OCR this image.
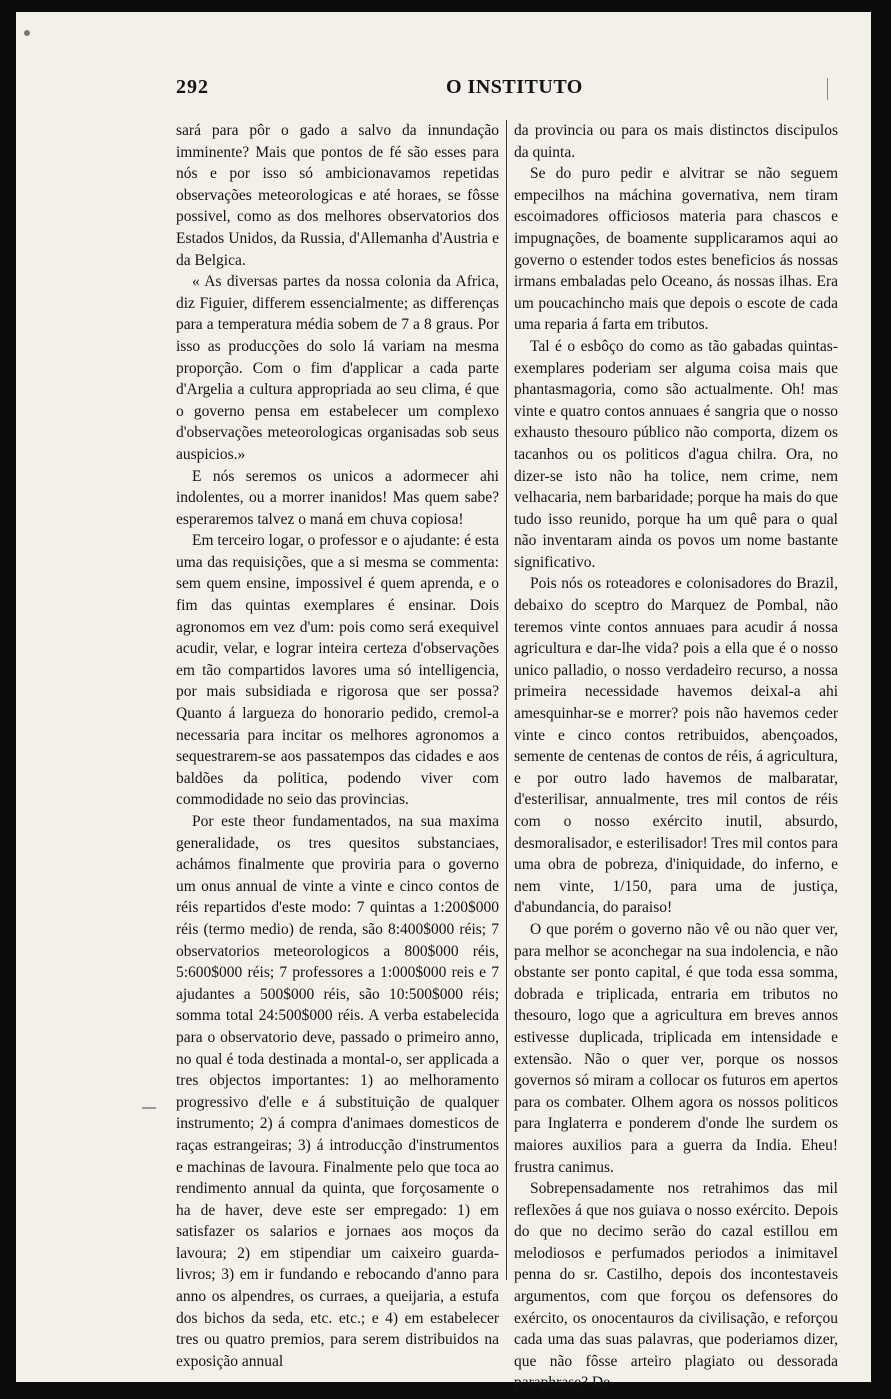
292	O INSTITUTO

sará para pôr o gado a salvo da innundação imminente? Mais que pontos de fé são esses para nós e por isso só ambicionavamos repetidas observações meteorologicas e até horaes, se fôsse possivel, como as dos melhores observatorios dos Estados Unidos, da Russia, d'Allemanha d'Austria e da Belgica.

« As diversas partes da nossa colonia da Africa, diz Figuier, differem essencialmente; as differenças para a temperatura média sobem de 7 a 8 graus. Por isso as producções do solo lá variam na mesma proporção. Com o fim d'applicar a cada parte d'Argelia a cultura appropriada ao seu clima, é que o governo pensa em estabelecer um complexo d'observações meteorologicas organisadas sob seus auspicios.»

E nós seremos os unicos a adormecer ahi indolentes, ou a morrer inanidos! Mas quem sabe? esperaremos talvez o maná em chuva copiosa!

Em terceiro logar, o professor e o ajudante: é esta uma das requisições, que a si mesma se commenta: sem quem ensine, impossivel é quem aprenda, e o fim das quintas exemplares é ensinar. Dois agronomos em vez d'um: pois como será exequivel acudir, velar, e lograr inteira certeza d'observações em tão compartidos lavores uma só intelligencia, por mais subsidiada e rigorosa que ser possa? Quanto á largueza do honorario pedido, cremol-a necessaria para incitar os melhores agronomos a sequestrarem-se aos passatempos das cidades e aos baldões da politica, podendo viver com commodidade no seio das provincias.

Por este theor fundamentados, na sua maxima generalidade, os tres quesitos substanciaes, achámos finalmente que proviria para o governo um onus annual de vinte a vinte e cinco contos de réis repartidos d'este modo: 7 quintas a 1:200$000 réis (termo medio) de renda, são 8:400$000 réis; 7 observatorios meteorologicos a 800$000 réis, 5:600$000 réis; 7 professores a 1:000$000 reis e 7 ajudantes a 500$000 réis, são 10:500$000 réis; somma total 24:500$000 réis. A verba estabelecida para o observatorio deve, passado o primeiro anno, no qual é toda destinada a montal-o, ser applicada a tres objectos importantes: 1) ao melhoramento progressivo d'elle e á substituição de qualquer instrumento; 2) á compra d'animaes domesticos de raças estrangeiras; 3) á introducção d'instrumentos e machinas de lavoura. Finalmente pelo que toca ao rendimento annual da quinta, que forçosamente o ha de haver, deve este ser empregado: 1) em satisfazer os salarios e jornaes aos moços da lavoura; 2) em stipendiar um caixeiro guarda-livros; 3) em ir fundando e rebocando d'anno para anno os alpendres, os curraes, a queijaria, a estufa dos bichos da seda, etc. etc.; e 4) em estabelecer tres ou quatro premios, para serem distribuidos na exposição annual

da provincia ou para os mais distinctos discipulos da quinta.

Se do puro pedir e alvitrar se não seguem empecilhos na máchina governativa, nem tiram escoimadores officiosos materia para chascos e impugnações, de boamente supplicaramos aqui ao governo o estender todos estes beneficios ás nossas irmans embaladas pelo Oceano, ás nossas ilhas. Era um poucachincho mais que depois o escote de cada uma reparia á farta em tributos.

Tal é o esbôço do como as tão gabadas quintas-exemplares poderiam ser alguma coisa mais que phantasmagoria, como são actualmente. Oh! mas vinte e quatro contos annuaes é sangria que o nosso exhausto thesouro público não comporta, dizem os tacanhos ou os politicos d'agua chilra. Ora, no dizer-se isto não ha tolice, nem crime, nem velhacaria, nem barbaridade; porque ha mais do que tudo isso reunido, porque ha um quê para o qual não inventaram ainda os povos um nome bastante significativo.

Pois nós os roteadores e colonisadores do Brazil, debaixo do sceptro do Marquez de Pombal, não teremos vinte contos annuaes para acudir á nossa agricultura e dar-lhe vida? pois a ella que é o nosso unico palladio, o nosso verdadeiro recurso, a nossa primeira necessidade havemos deixal-a ahi amesquinhar-se e morrer? pois não havemos ceder vinte e cinco contos retribuidos, abençoados, semente de centenas de contos de réis, á agricultura, e por outro lado havemos de malbaratar, d'esterilisar, annualmente, tres mil contos de réis com o nosso exército inutil, absurdo, desmoralisador, e esterilisador! Tres mil contos para uma obra de pobreza, d'iniquidade, do inferno, e nem vinte, 1/150, para uma de justiça, d'abundancia, do paraiso!

O que porém o governo não vê ou não quer ver, para melhor se aconchegar na sua indolencia, e não obstante ser ponto capital, é que toda essa somma, dobrada e triplicada, entraria em tributos no thesouro, logo que a agricultura em breves annos estivesse duplicada, triplicada em intensidade e extensão. Não o quer ver, porque os nossos governos só miram a collocar os futuros em apertos para os combater. Olhem agora os nossos politicos para Inglaterra e ponderem d'onde lhe surdem os maiores auxilios para a guerra da India. Eheu! frustra canimus.

Sobrepensadamente nos retrahimos das mil reflexões á que nos guiava o nosso exército. Depois do que no decimo serão do cazal estillou em melodiosos e perfumados periodos a inimitavel penna do sr. Castilho, depois dos incontestaveis argumentos, com que forçou os defensores do exército, os onocentauros da civilisação, e reforçou cada uma das suas palavras, que poderiamos dizer, que não fôsse arteiro plagiato ou dessorada paraphrase? De-
